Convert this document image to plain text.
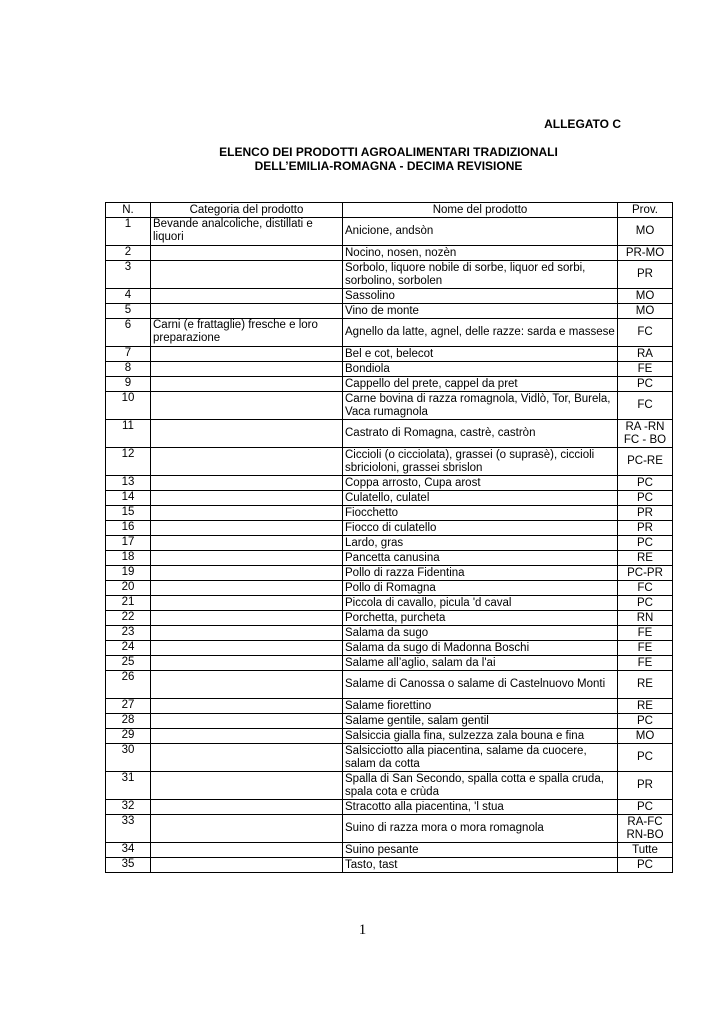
ALLEGATO C
ELENCO DEI PRODOTTI AGROALIMENTARI TRADIZIONALI
DELL’EMILIA-ROMAGNA - DECIMA REVISIONE
N.	Categoria del prodotto	Nome del prodotto	Prov.
1	Bevande analcoliche, distillati e liquori	Anicione, andsòn	MO
2		Nocino, nosen, nozèn	PR-MO
3		Sorbolo, liquore nobile di sorbe, liquor ed sorbi, sorbolino, sorbolen	PR
4		Sassolino	MO
5		Vino de monte	MO
6	Carni (e frattaglie) fresche e loro preparazione	Agnello da latte, agnel, delle razze: sarda e massese	FC
7		Bel e cot, belecot	RA
8		Bondiola	FE
9		Cappello del prete, cappel da pret	PC
10		Carne bovina di razza romagnola, Vidlò, Tor, Burela, Vaca rumagnola	FC
11		Castrato di Romagna, castrè, castròn	RA -RN FC - BO
12		Ciccioli (o cicciolata), grassei (o suprasè), ciccioli sbricioloni, grassei sbrislon	PC-RE
13		Coppa arrosto, Cupa arost	PC
14		Culatello, culatel	PC
15		Fiocchetto	PR
16		Fiocco di culatello	PR
17		Lardo, gras	PC
18		Pancetta canusina	RE
19		Pollo di razza Fidentina	PC-PR
20		Pollo di Romagna	FC
21		Piccola di cavallo, picula 'd caval	PC
22		Porchetta, purcheta	RN
23		Salama da sugo	FE
24		Salama da sugo di Madonna Boschi	FE
25		Salame all’aglio, salam da l'ai	FE
26		Salame di Canossa o salame di Castelnuovo Monti	RE
27		Salame fiorettino	RE
28		Salame gentile, salam gentil	PC
29		Salsiccia gialla fina, sulzezza zala bouna e fina	MO
30		Salsicciotto alla piacentina, salame da cuocere, salam da cotta	PC
31		Spalla di San Secondo, spalla cotta e spalla cruda, spala cota e crùda	PR
32		Stracotto alla piacentina, 'l stua	PC
33		Suino di razza mora o mora romagnola	RA-FC RN-BO
34		Suino pesante	Tutte
35		Tasto, tast	PC
1
